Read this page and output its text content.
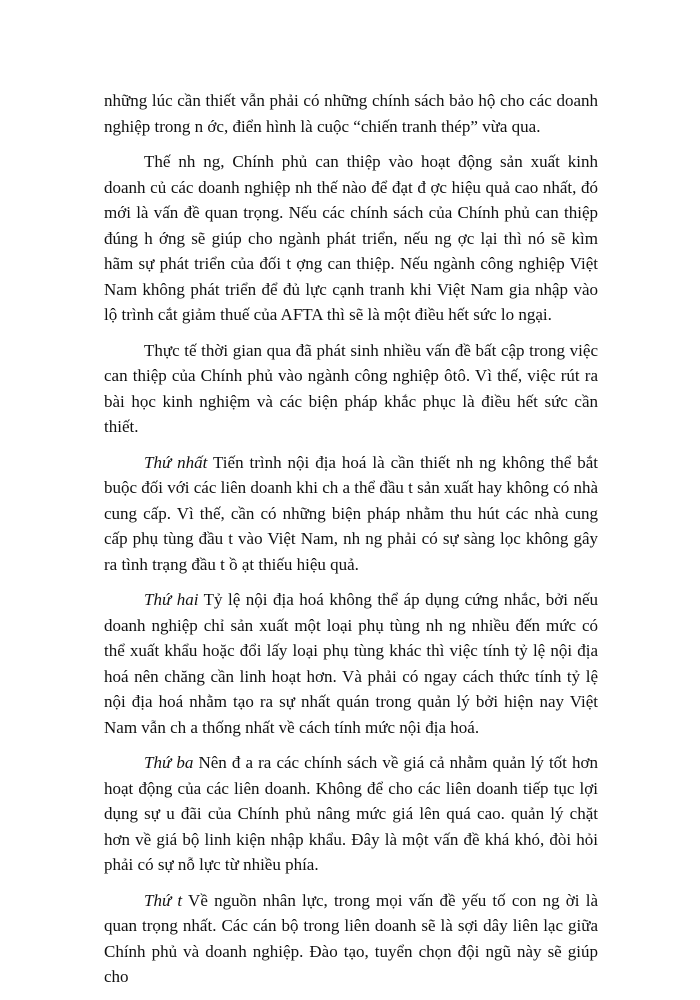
những lúc cần thiết vẫn phải có những chính sách bảo hộ cho các doanh nghiệp trong n ớc, điển hình là cuộc “chiến tranh thép” vừa qua.

Thế nh ng, Chính phủ can thiệp vào hoạt động sản xuất kinh doanh củ các doanh nghiệp nh thế nào để đạt đ ợc hiệu quả cao nhất, đó mới là vấn đề quan trọng. Nếu các chính sách của Chính phủ can thiệp đúng h ớng sẽ giúp cho ngành phát triển, nếu ng ợc lại thì nó sẽ kìm hãm sự phát triển của đối t ợng can thiệp. Nếu ngành công nghiệp Việt Nam không phát triển để đủ lực cạnh tranh khi Việt Nam gia nhập vào lộ trình cắt giảm thuế của AFTA thì sẽ là một điều hết sức lo ngại.

Thực tế thời gian qua đã phát sinh nhiều vấn đề bất cập trong việc can thiệp của Chính phủ vào ngành công nghiệp ôtô. Vì thế, việc rút ra bài học kinh nghiệm và các biện pháp khắc phục là điều hết sức cần thiết.

Thứ nhất Tiến trình nội địa hoá là cần thiết nh ng không thể bắt buộc đối với các liên doanh khi ch a thể đầu t sản xuất hay không có nhà cung cấp. Vì thế, cần có những biện pháp nhằm thu hút các nhà cung cấp phụ tùng đầu t vào Việt Nam, nh ng phải có sự sàng lọc không gây ra tình trạng đầu t ồ ạt thiếu hiệu quả.

Thứ hai Tỷ lệ nội địa hoá không thể áp dụng cứng nhắc, bởi nếu doanh nghiệp chỉ sản xuất một loại phụ tùng nh ng nhiều đến mức có thể xuất khẩu hoặc đổi lấy loại phụ tùng khác thì việc tính tỷ lệ nội địa hoá nên chăng cần linh hoạt hơn. Và phải có ngay cách thức tính tỷ lệ nội địa hoá nhằm tạo ra sự nhất quán trong quản lý bởi hiện nay Việt Nam vẫn ch a thống nhất về cách tính mức nội địa hoá.

Thứ ba Nên đ a ra các chính sách về giá cả nhằm quản lý tốt hơn hoạt động của các liên doanh. Không để cho các liên doanh tiếp tục lợi dụng sự u đãi của Chính phủ nâng mức giá lên quá cao. quản lý chặt hơn về giá bộ linh kiện nhập khẩu. Đây là một vấn đề khá khó, đòi hỏi phải có sự nỗ lực từ nhiều phía.

Thứ t Về nguồn nhân lực, trong mọi vấn đề yếu tố con ng ời là quan trọng nhất. Các cán bộ trong liên doanh sẽ là sợi dây liên lạc giữa Chính phủ và doanh nghiệp. Đào tạo, tuyển chọn đội ngũ này sẽ giúp cho
